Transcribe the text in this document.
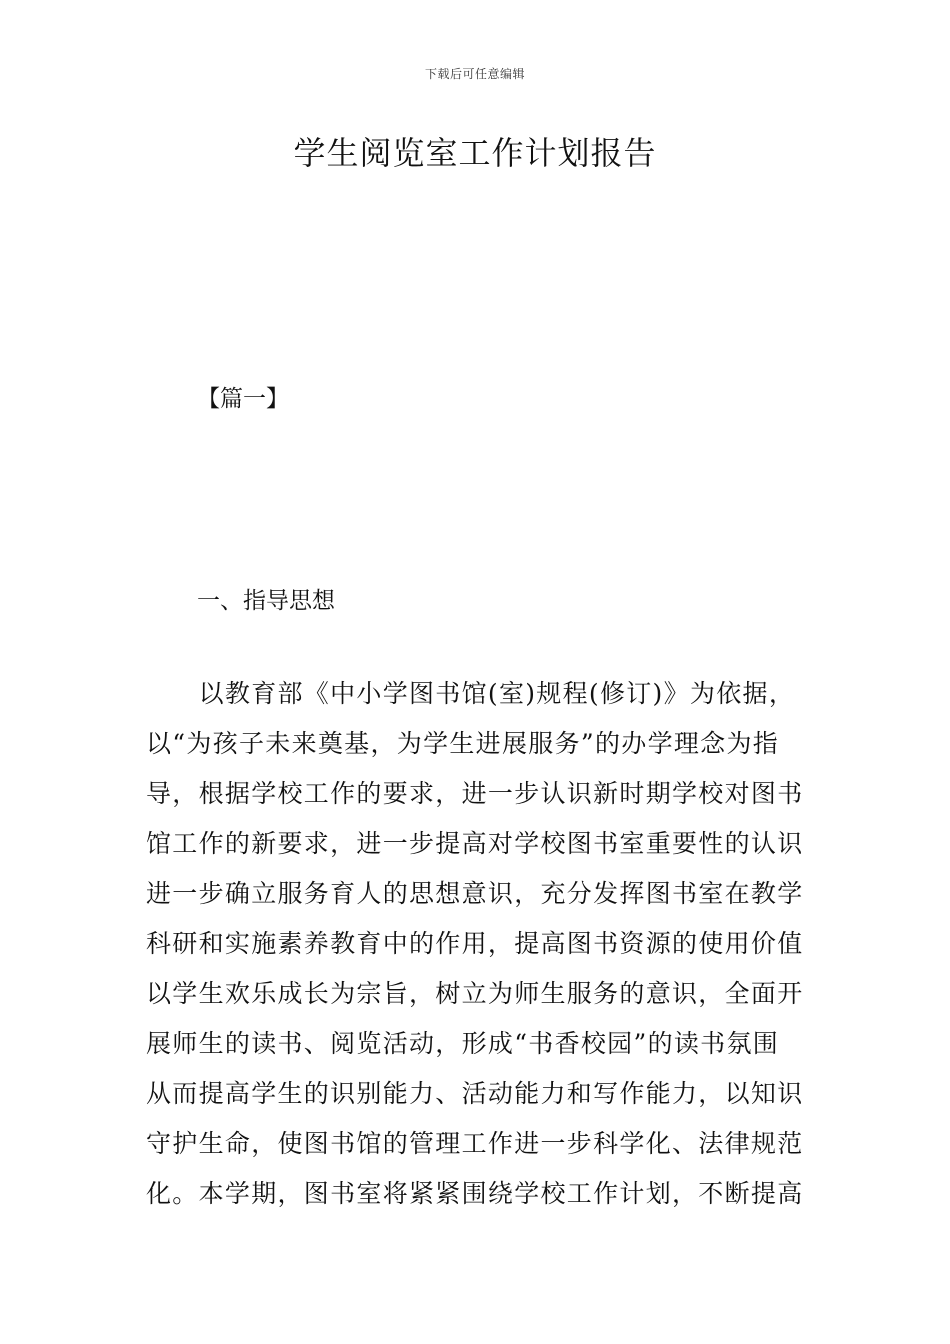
下载后可任意编辑
学生阅览室工作计划报告
【篇一】
一、指导思想
　　以教育部《中小学图书馆(室)规程(修订)》为依据，
以“为孩子未来奠基，为学生进展服务”的办学理念为指
导，根据学校工作的要求，进一步认识新时期学校对图书
馆工作的新要求，进一步提高对学校图书室重要性的认识
进一步确立服务育人的思想意识，充分发挥图书室在教学
科研和实施素养教育中的作用，提高图书资源的使用价值
以学生欢乐成长为宗旨，树立为师生服务的意识，全面开
展师生的读书、阅览活动，形成“书香校园”的读书氛围
从而提高学生的识别能力、活动能力和写作能力，以知识
守护生命，使图书馆的管理工作进一步科学化、法律规范
化。本学期，图书室将紧紧围绕学校工作计划，不断提高
